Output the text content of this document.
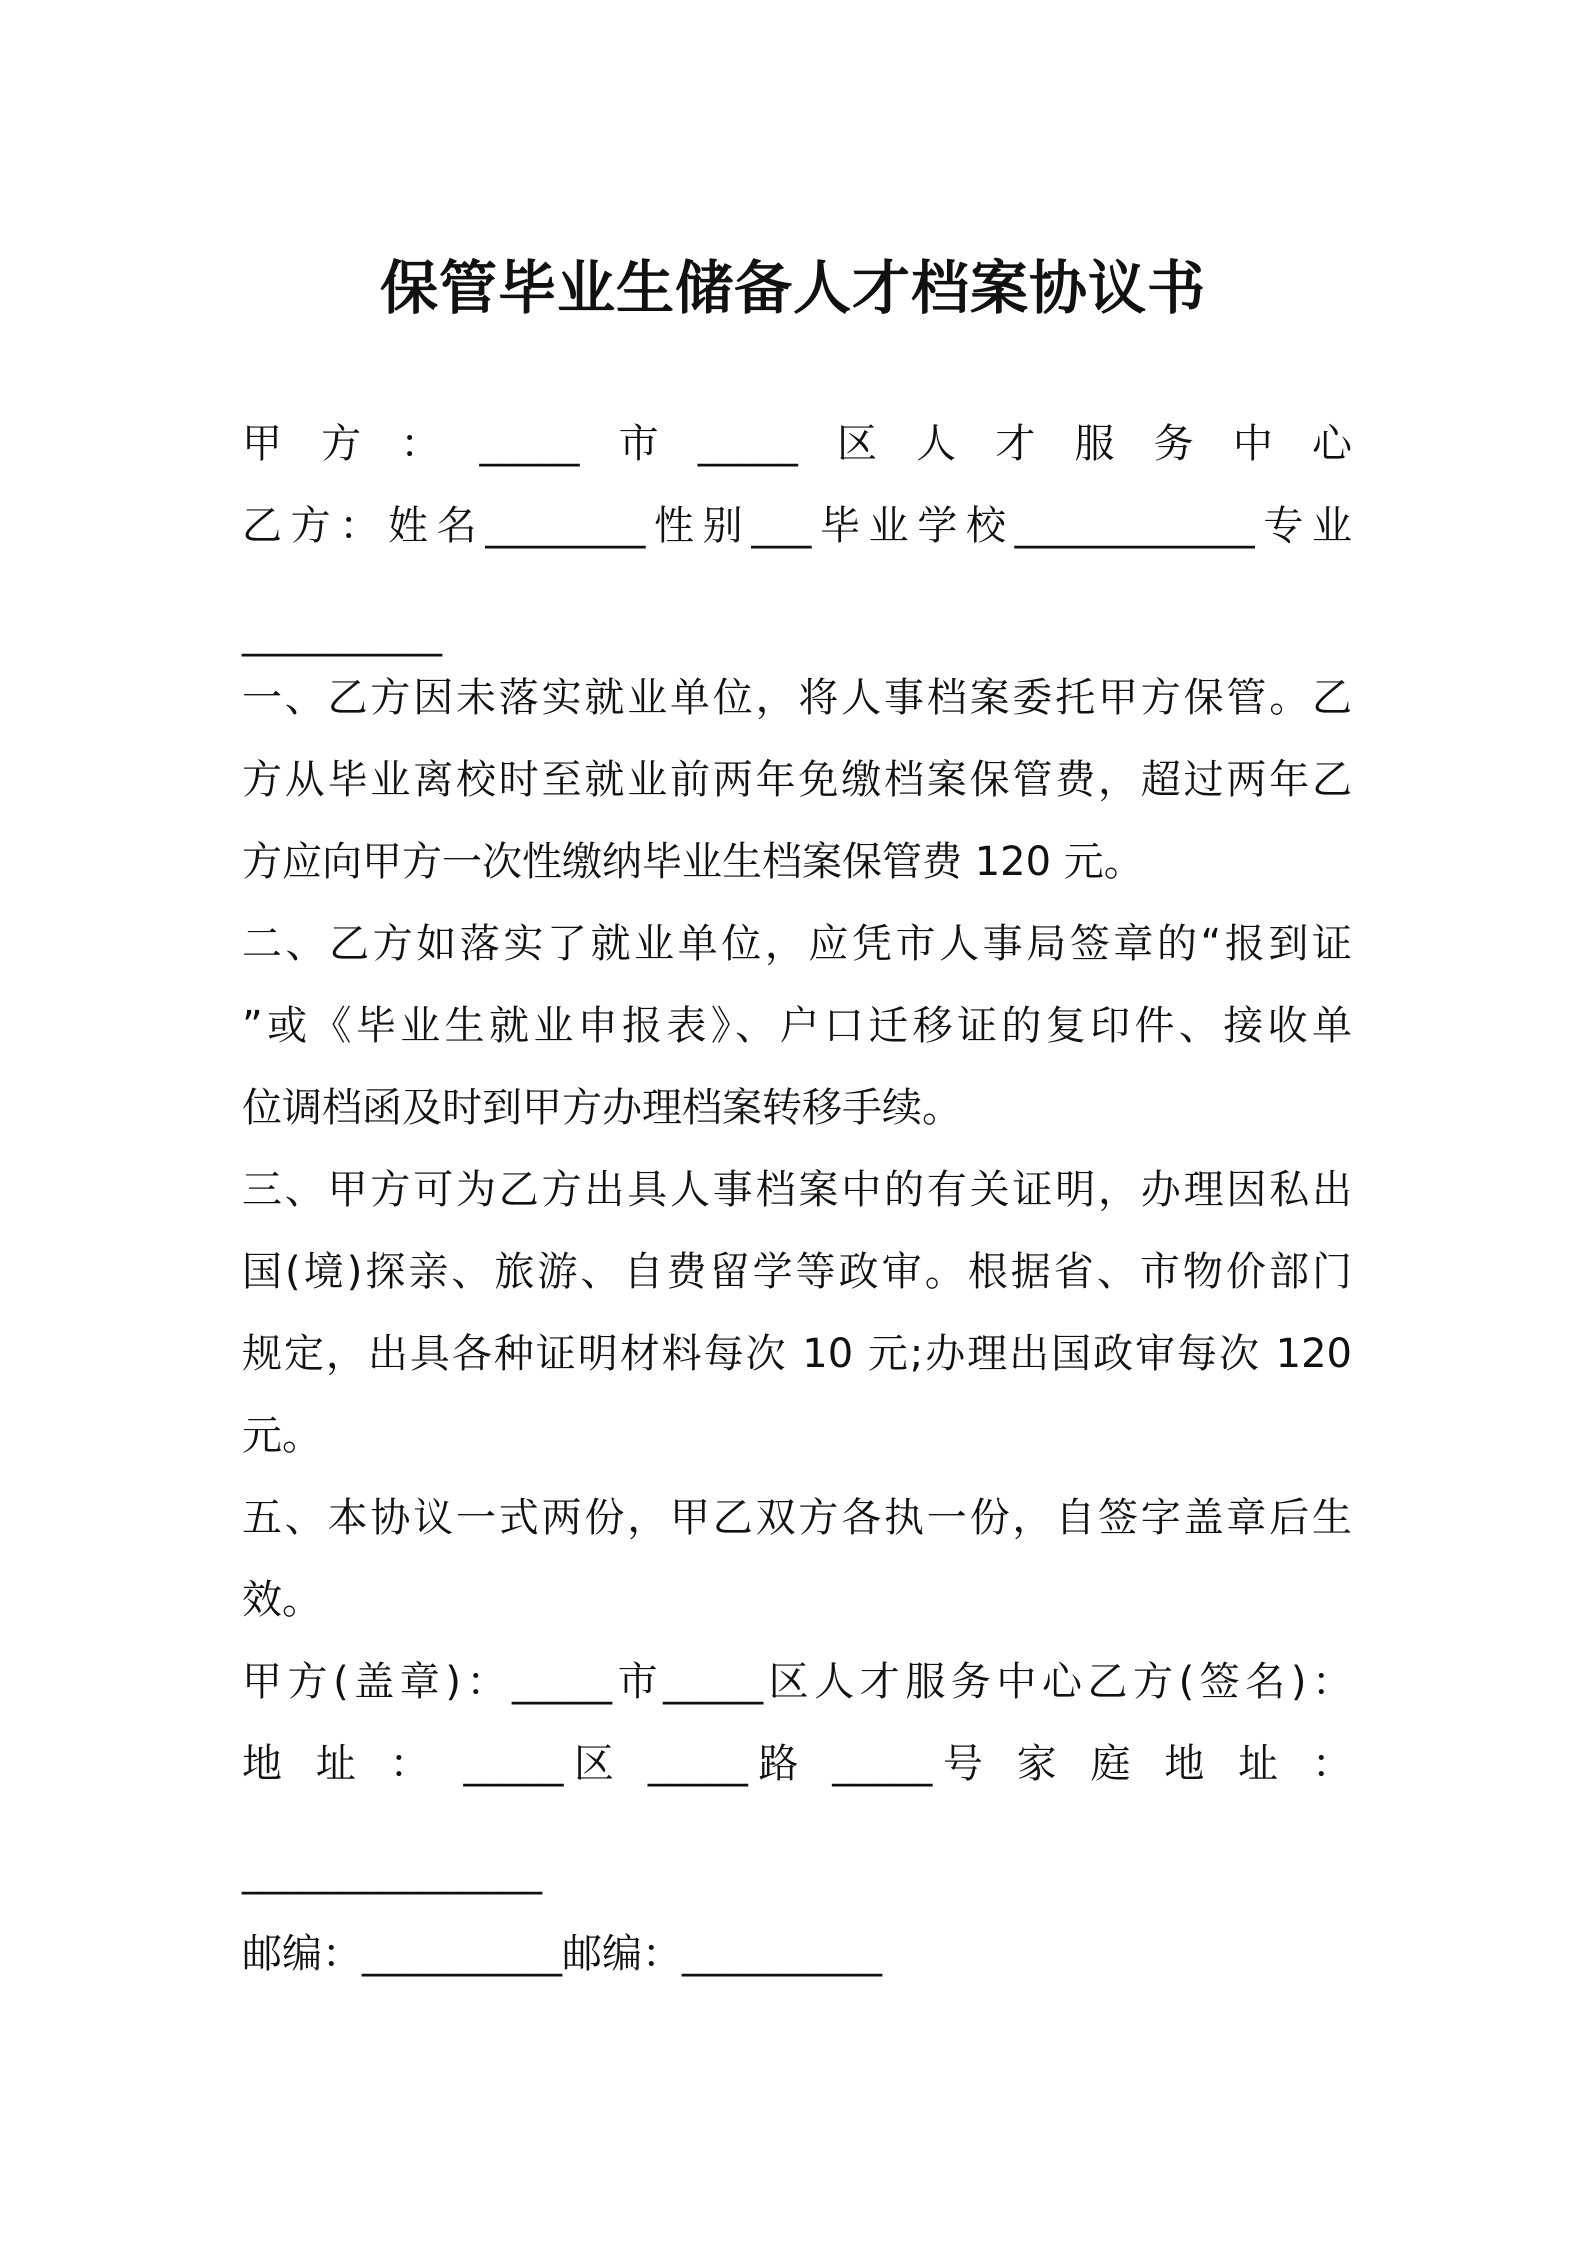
保管毕业生储备人才档案协议书
甲方：_____市_____区人才服务中心
乙方：姓名________性别___毕业学校____________专业
__________
一、乙方因未落实就业单位，将人事档案委托甲方保管。乙
方从毕业离校时至就业前两年免缴档案保管费，超过两年乙
方应向甲方一次性缴纳毕业生档案保管费 120 元。
二、乙方如落实了就业单位，应凭市人事局签章的“报到证
”或《毕业生就业申报表》、户口迁移证的复印件、接收单
位调档函及时到甲方办理档案转移手续。
三、甲方可为乙方出具人事档案中的有关证明，办理因私出
国(境)探亲、旅游、自费留学等政审。根据省、市物价部门
规定，出具各种证明材料每次 10 元;办理出国政审每次 120
元。
五、本协议一式两份，甲乙双方各执一份，自签字盖章后生
效。
甲方(盖章)：_____市_____区人才服务中心乙方(签名)：
地 址 ： _____区 _____路 _____号 家 庭 地 址 ：
_______________
邮编：__________邮编：__________
